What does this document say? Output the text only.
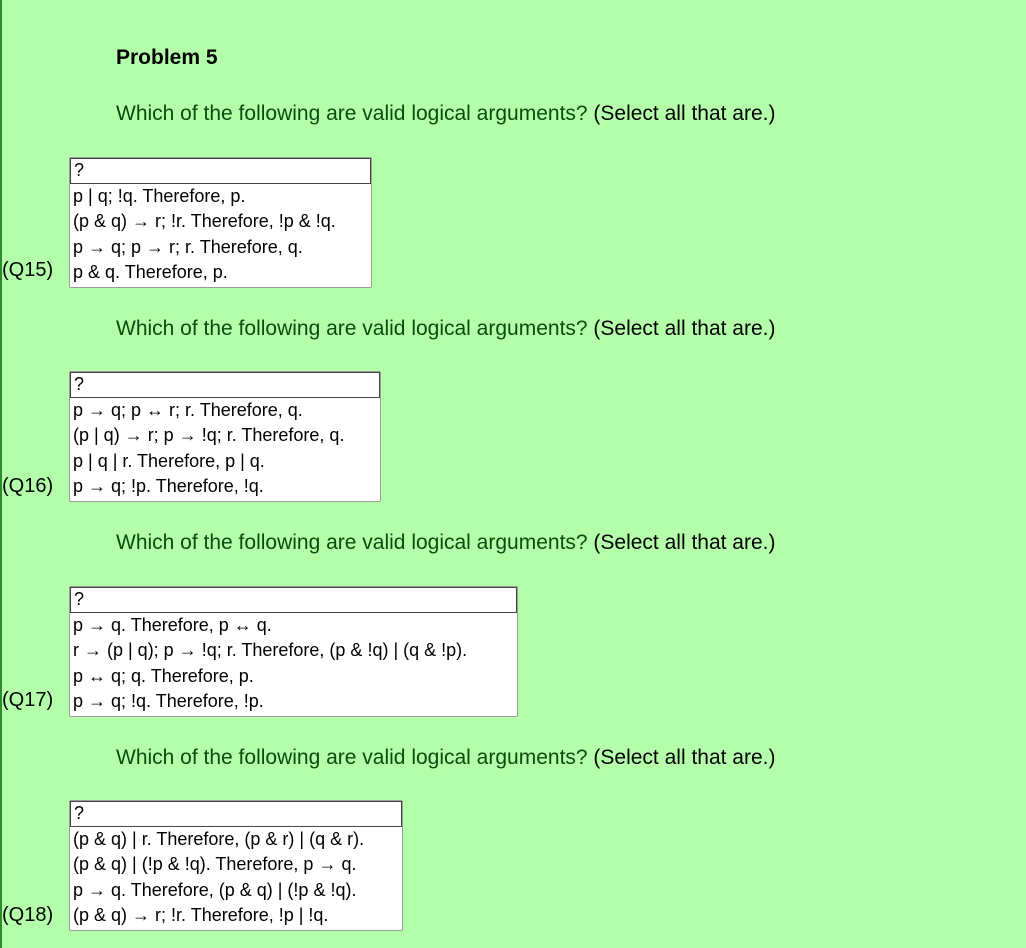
Problem 5
Which of the following are valid logical arguments? (Select all that are.)
(Q15)
?
p | q; !q. Therefore, p.
(p & q) → r; !r. Therefore, !p & !q.
p → q; p → r; r. Therefore, q.
p & q. Therefore, p.
Which of the following are valid logical arguments? (Select all that are.)
(Q16)
?
p → q; p ↔ r; r. Therefore, q.
(p | q) → r; p → !q; r. Therefore, q.
p | q | r. Therefore, p | q.
p → q; !p. Therefore, !q.
Which of the following are valid logical arguments? (Select all that are.)
(Q17)
?
p → q. Therefore, p ↔ q.
r → (p | q); p → !q; r. Therefore, (p & !q) | (q & !p).
p ↔ q; q. Therefore, p.
p → q; !q. Therefore, !p.
Which of the following are valid logical arguments? (Select all that are.)
(Q18)
?
(p & q) | r. Therefore, (p & r) | (q & r).
(p & q) | (!p & !q). Therefore, p → q.
p → q. Therefore, (p & q) | (!p & !q).
(p & q) → r; !r. Therefore, !p | !q.
